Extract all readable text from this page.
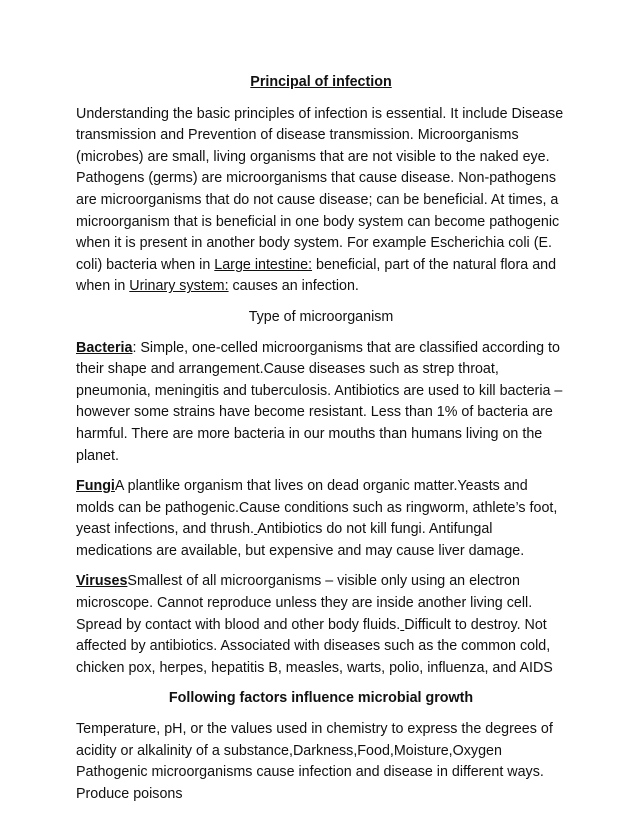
Principal of infection

Understanding the basic principles of infection is essential. It include Disease transmission and Prevention of disease transmission. Microorganisms (microbes) are small, living organisms that are not visible to the naked eye. Pathogens (germs) are microorganisms that cause disease. Non-pathogens are microorganisms that do not cause disease; can be beneficial. At times, a microorganism that is beneficial in one body system can become pathogenic when it is present in another body system. For example Escherichia coli (E. coli) bacteria when in Large intestine: beneficial, part of the natural flora and when in Urinary system: causes an infection.

Type of microorganism

Bacteria: Simple, one-celled microorganisms that are classified according to their shape and arrangement.Cause diseases such as strep throat, pneumonia, meningitis and tuberculosis. Antibiotics are used to kill bacteria – however some strains have become resistant. Less than 1% of bacteria are harmful. There are more bacteria in our mouths than humans living on the planet.

FungiA plantlike organism that lives on dead organic matter.Yeasts and molds can be pathogenic.Cause conditions such as ringworm, athlete’s foot, yeast infections, and thrush. Antibiotics do not kill fungi. Antifungal medications are available, but expensive and may cause liver damage.

VirusesSmallest of all microorganisms – visible only using an electron microscope. Cannot reproduce unless they are inside another living cell. Spread by contact with blood and other body fluids. Difficult to destroy. Not affected by antibiotics. Associated with diseases such as the common cold, chicken pox, herpes, hepatitis B, measles, warts, polio, influenza, and AIDS

Following factors influence microbial growth

Temperature, pH, or the values used in chemistry to express the degrees of acidity or alkalinity of a substance,Darkness,Food,Moisture,Oxygen Pathogenic microorganisms cause infection and disease in different ways. Produce poisons
